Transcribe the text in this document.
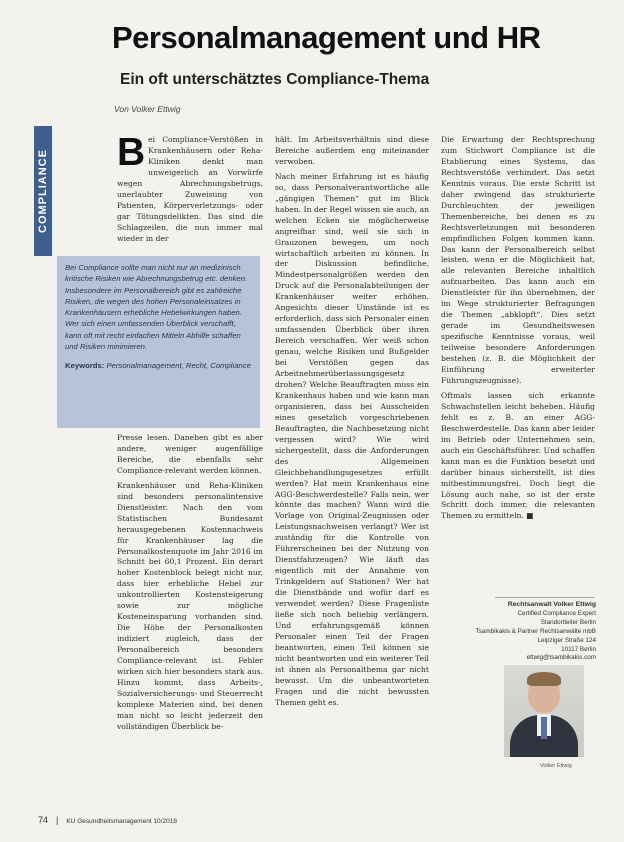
Personalmanagement und HR
Ein oft unterschätztes Compliance-Thema
Von Volker Ettwig
COMPLIANCE Bei Compliance-Verstößen in Krankenhäusern oder Reha-Kliniken denkt man unweigerlich an Vorwürfe wegen Abrechnungsbetrugs, unerlaubter Zuweisung von Patienten, Körperverletzungs- oder gar Tötungsdelikten. Das sind die Schlagzeilen, die nun immer mal wieder in der

Bei Compliance sollte man nicht nur an medizinisch kritische Risiken wie Abrechnungsbetrug etc. denken. Insbesondere im Personalbereich gibt es zahlreiche Risiken, die wegen des hohen Personaleinsatzes in Krankenhäusern erhebliche Hebelwirkungen haben. Wer sich einen umfassenden Überblick verschafft, kann oft mit recht einfachen Mitteln Abhilfe schaffen und Risiken minimieren.
Keywords: Personalmanagement, Recht, Compliance

Presse lesen. Daneben gibt es aber andere, weniger augenfällige Bereiche, die ebenfalls sehr Compliance-relevant werden können.

Krankenhäuser und Reha-Kliniken sind besonders personalintensive Dienstleister. Nach den vom Statistischen Bundesamt herausgegebenen Kostennachweis für Krankenhäuser lag die Personalkostenquote im Jahr 2016 im Schnitt bei 60,1 Prozent. Ein derart hoher Kostenblock belegt nicht nur, dass hier erhebliche Hebel zur unkontrollierten Kostensteigerung sowie zur mögliche Kosteneinsparung vorhanden sind. Die Höhe der Personalkosten indiziert zugleich, dass der Personalbereich besonders Compliance-relevant ist. Fehler wirken sich hier besonders stark aus. Hinzu kommt, dass Arbeits-, Sozialversicherungs- und Steuerrecht komplexe Materien sind, bei denen man nicht so leicht jederzeit den vollständigen Überblick be-

hält. Im Arbeitsverhältnis sind diese Bereiche außerdem eng miteinander verwoben.

Nach meiner Erfahrung ist es häufig so, dass Personalverantwortliche alle „gängigen Themen“ gut im Blick haben. In der Regel wissen sie auch, an welchen Ecken sie möglicherweise angreifbar sind, weil sie sich in Grauzonen bewegen, um noch wirtschaftlich arbeiten zu können. In der Diskussion befindliche, Mindestpersonalgrößen werden den Druck auf die Personalabteilungen der Krankenhäuser weiter erhöhen. Angesichts dieser Umstände ist es erforderlich, dass sich Personaler einen umfassenden Überblick über ihren Bereich verschaffen. Wer weiß schon genau, welche Risiken und Bußgelder bei Verstößen gegen das Arbeitnehmerüberlassungsgesetz drohen? Welche Beauftragten muss ein Krankenhaus haben und wie kann man organisieren, dass bei Ausscheiden eines gesetzlich vorgeschriebenen Beauftragten, die Nachbesetzung nicht vergessen wird? Wie wird sichergestellt, dass die Anforderungen des Allgemeinen Gleichbehandlungsgesetzes erfüllt werden? Hat mein Krankenhaus eine AGG-Beschwerdestelle? Falls nein, wer könnte das machen? Wann wird die Vorlage von Original-Zeugnissen oder Leistungsnachweisen verlangt? Wer ist zuständig für die Kontrolle von Führerscheinen bei der Nutzung von Dienstfahrzeugen? Wie läuft das eigentlich mit der Annahme von Trinkgeldern auf Stationen? Wer hat die Dienstbände und wofür darf es verwendet werden? Diese Fragenliste ließe sich noch beliebig verlängern. Und erfahrungsgemäß können Personaler einen Teil der Fragen beantworten, einen Teil können sie nicht beantworten und ein weiterer Teil ist ihnen als Personalthema gar nicht bewusst. Um die unbeantworteten Fragen und die nicht bewussten Themen geht es.

Die Erwartung der Rechtsprechung zum Stichwort Compliance ist die Etablierung eines Systems, das Rechtsverstöße verhindert. Das setzt Kenntnis voraus. Die erste Schritt ist daher zwingend das strukturierte Durchleuchten der jeweiligen Themenbereiche, bei denen es zu Rechtsverletzungen mit besonderen empfindlichen Folgen kommen kann. Das kann der Personalbereich selbst leisten, wenn er die Möglichkeit hat, alle relevanten Bereiche inhaltlich aufzuarbeiten. Das kann auch ein Dienstleister für ihn übernehmen, der im Wege strukturierter Befragungen die Themen „abklopft“. Dies setzt gerade im Gesundheitswesen spezifische Kenntnisse voraus, weil teilweise besondere Anforderungen bestehen (z. B. die Möglichkeit der Einführung erweiterter Führungszeugnisse).

Oftmals lassen sich erkannte Schwachstellen leicht beheben. Häufig fehlt es z. B. an einer AGG-Beschwerdestelle. Das kann aber leider im Betrieb oder Unternehmen sein, auch ein Geschäftsführer. Und schaffen kann man es die Funktion besetzt und darüber hinaus sicherstellt, ist dies mitbestimmungsfrei. Doch liegt die Lösung auch nahe, so ist der erste Schritt doch immer, die relevanten Themen zu ermitteln. ■

Rechtsanwalt Volker Ettwig
Certified Compliance Expert
Standortleiter Berlin
Tsambikakis & Partner Rechtsanwälte mbB
Leipziger Straße 124
10117 Berlin
ettwig@tsambikakis.com
Volker Ettwig
74 | KU Gesundheitsmanagement 10/2018
